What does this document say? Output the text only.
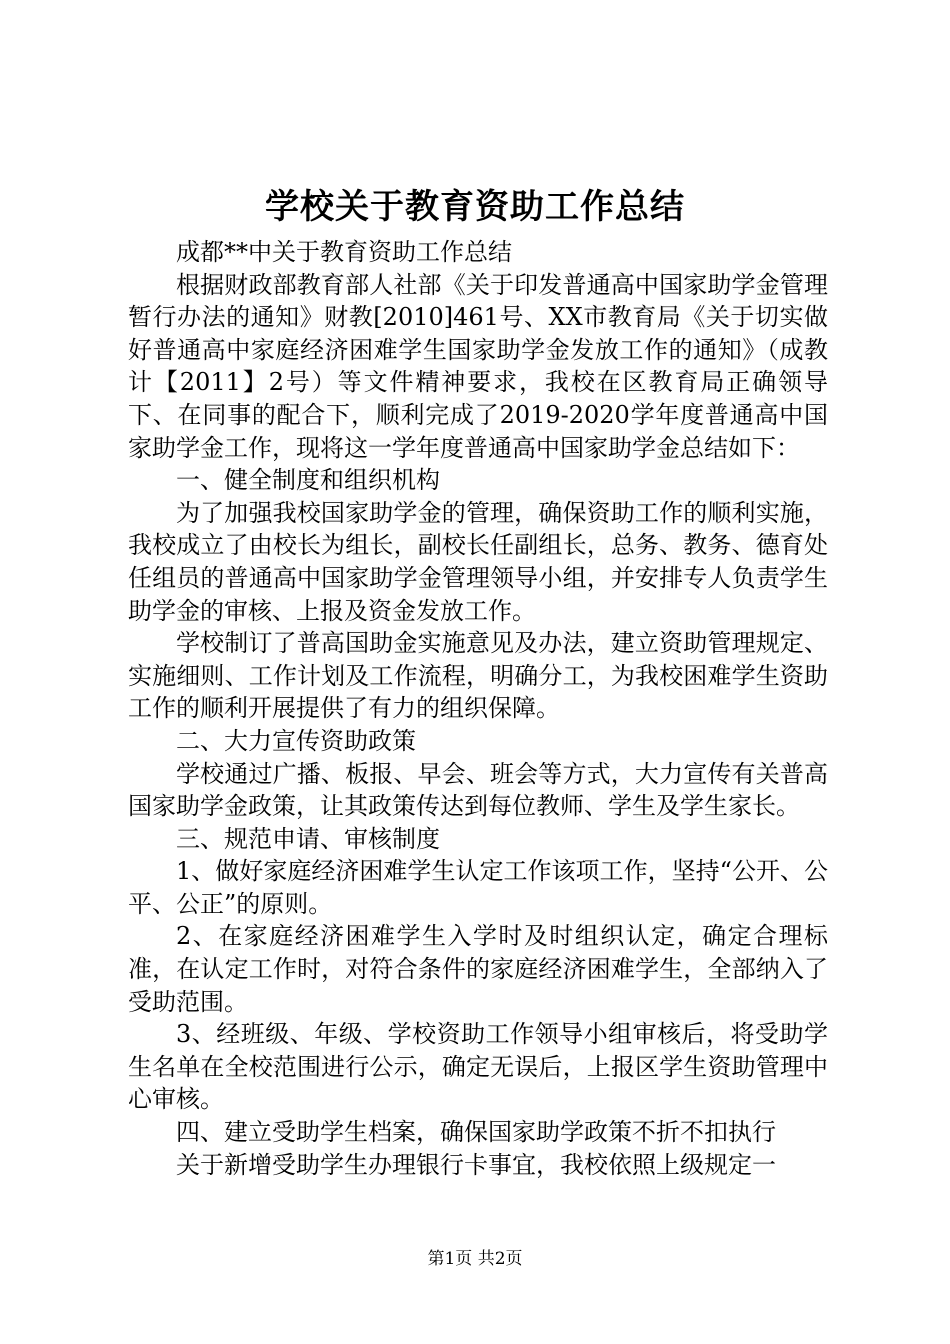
学校关于教育资助工作总结

成都**中关于教育资助工作总结

根据财政部教育部人社部《关于印发普通高中国家助学金管理暂行办法的通知》财教[2010]461号、XX市教育局《关于切实做好普通高中家庭经济困难学生国家助学金发放工作的通知》（成教计【2011】2号）等文件精神要求，我校在区教育局正确领导下、在同事的配合下，顺利完成了2019-2020学年度普通高中国家助学金工作，现将这一学年度普通高中国家助学金总结如下：

一、健全制度和组织机构

为了加强我校国家助学金的管理，确保资助工作的顺利实施，我校成立了由校长为组长，副校长任副组长，总务、教务、德育处任组员的普通高中国家助学金管理领导小组，并安排专人负责学生助学金的审核、上报及资金发放工作。

学校制订了普高国助金实施意见及办法，建立资助管理规定、实施细则、工作计划及工作流程，明确分工，为我校困难学生资助工作的顺利开展提供了有力的组织保障。

二、大力宣传资助政策

学校通过广播、板报、早会、班会等方式，大力宣传有关普高国家助学金政策，让其政策传达到每位教师、学生及学生家长。

三、规范申请、审核制度

1、做好家庭经济困难学生认定工作该项工作，坚持“公开、公平、公正”的原则。

2、在家庭经济困难学生入学时及时组织认定，确定合理标准，在认定工作时，对符合条件的家庭经济困难学生，全部纳入了受助范围。

3、经班级、年级、学校资助工作领导小组审核后，将受助学生名单在全校范围进行公示，确定无误后，上报区学生资助管理中心审核。

四、建立受助学生档案，确保国家助学政策不折不扣执行

关于新增受助学生办理银行卡事宜，我校依照上级规定一

第1页 共2页
